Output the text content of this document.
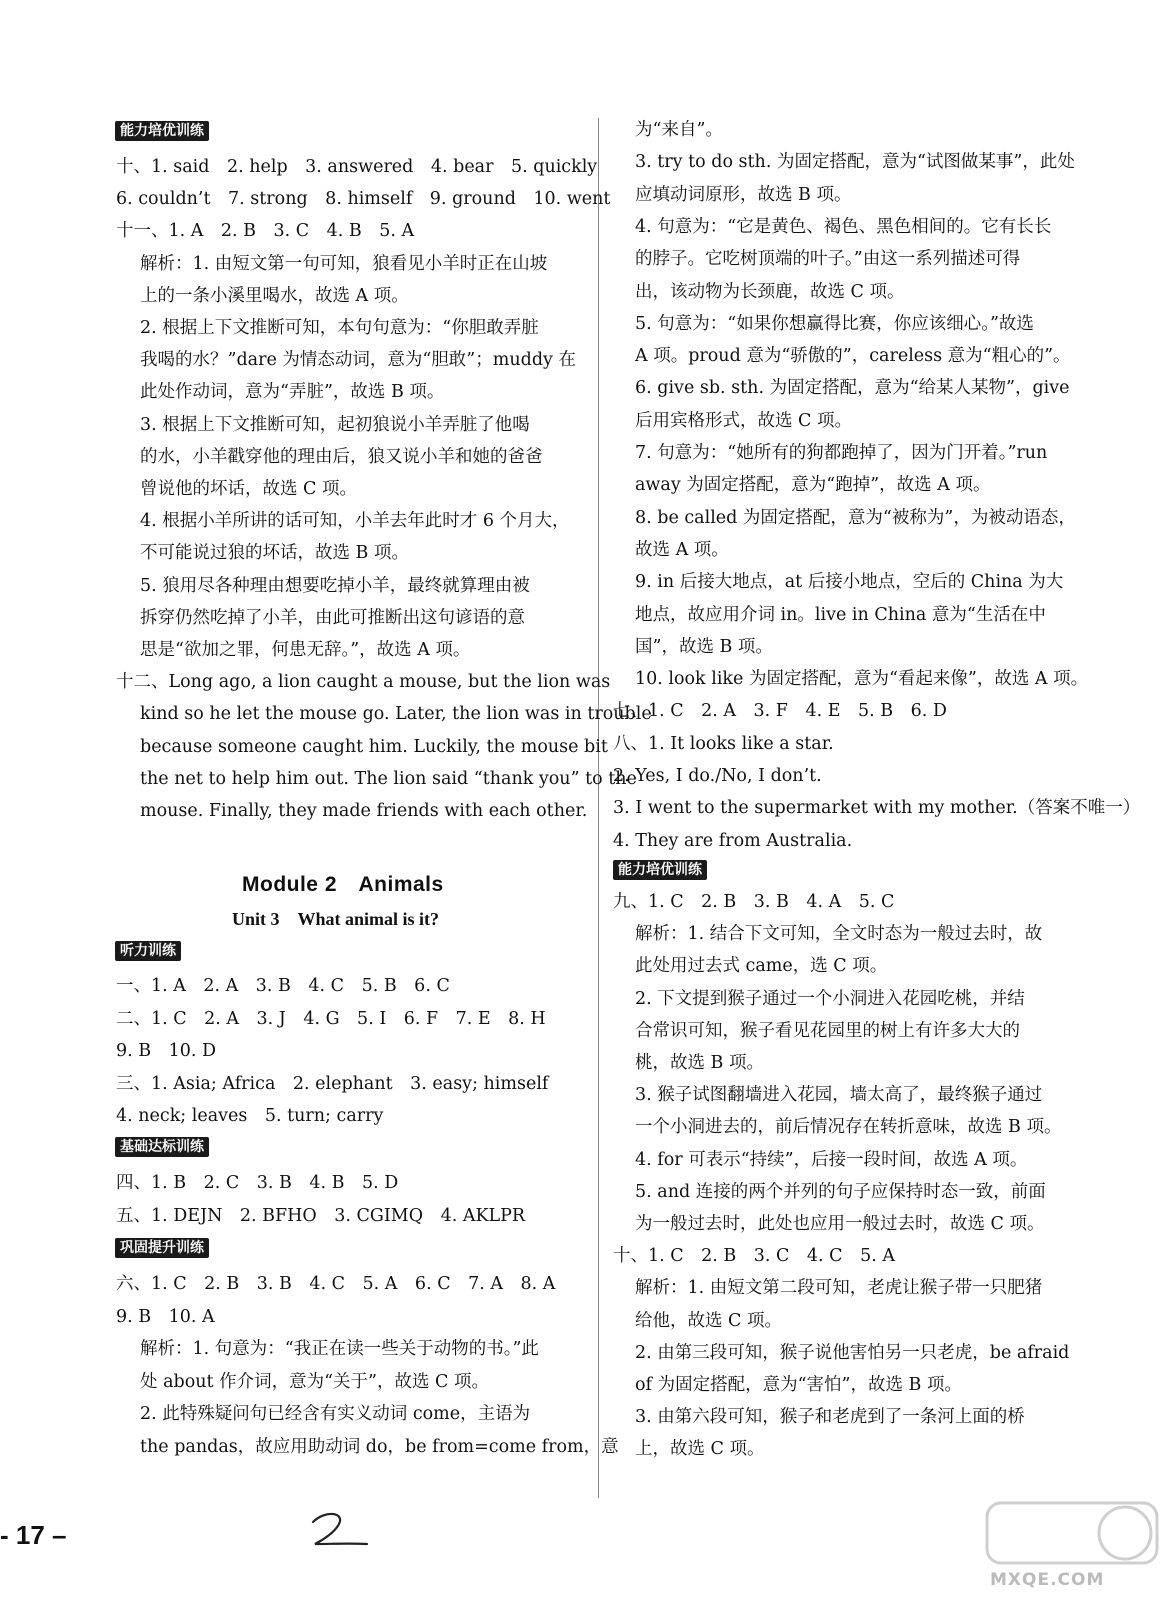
能力培优训练
十、1. said　2. help　3. answered　4. bear　5. quickly
6. couldn’t　7. strong　8. himself　9. ground　10. went
十一、1. A　2. B　3. C　4. B　5. A
解析：1. 由短文第一句可知，狼看见小羊时正在山坡
上的一条小溪里喝水，故选 A 项。
2. 根据上下文推断可知，本句句意为：“你胆敢弄脏
我喝的水？”dare 为情态动词，意为“胆敢”；muddy 在
此处作动词，意为“弄脏”，故选 B 项。
3. 根据上下文推断可知，起初狼说小羊弄脏了他喝
的水，小羊戳穿他的理由后，狼又说小羊和她的爸爸
曾说他的坏话，故选 C 项。
4. 根据小羊所讲的话可知，小羊去年此时才 6 个月大，
不可能说过狼的坏话，故选 B 项。
5. 狼用尽各种理由想要吃掉小羊，最终就算理由被
拆穿仍然吃掉了小羊，由此可推断出这句谚语的意
思是“欲加之罪，何患无辞。”，故选 A 项。
十二、Long ago, a lion caught a mouse, but the lion was
kind so he let the mouse go. Later, the lion was in trouble
because someone caught him. Luckily, the mouse bit
the net to help him out. The lion said “thank you” to the
mouse. Finally, they made friends with each other.
Module 2　Animals
Unit 3　What animal is it?
听力训练
一、1. A　2. A　3. B　4. C　5. B　6. C
二、1. C　2. A　3. J　4. G　5. I　6. F　7. E　8. H
9. B　10. D
三、1. Asia; Africa　2. elephant　3. easy; himself
4. neck; leaves　5. turn; carry
基础达标训练
四、1. B　2. C　3. B　4. B　5. D
五、1. DEJN　2. BFHO　3. CGIMQ　4. AKLPR
巩固提升训练
六、1. C　2. B　3. B　4. C　5. A　6. C　7. A　8. A
9. B　10. A
解析：1. 句意为：“我正在读一些关于动物的书。”此
处 about 作介词，意为“关于”，故选 C 项。
2. 此特殊疑问句已经含有实义动词 come，主语为
the pandas，故应用助动词 do，be from=come from，意
- 17 –
为“来自”。
3. try to do sth. 为固定搭配，意为“试图做某事”，此处
应填动词原形，故选 B 项。
4. 句意为：“它是黄色、褐色、黑色相间的。它有长长
的脖子。它吃树顶端的叶子。”由这一系列描述可得
出，该动物为长颈鹿，故选 C 项。
5. 句意为：“如果你想赢得比赛，你应该细心。”故选
A 项。proud 意为“骄傲的”，careless 意为“粗心的”。
6. give sb. sth. 为固定搭配，意为“给某人某物”，give
后用宾格形式，故选 C 项。
7. 句意为：“她所有的狗都跑掉了，因为门开着。”run
away 为固定搭配，意为“跑掉”，故选 A 项。
8. be called 为固定搭配，意为“被称为”，为被动语态，
故选 A 项。
9. in 后接大地点，at 后接小地点，空后的 China 为大
地点，故应用介词 in。live in China 意为“生活在中
国”，故选 B 项。
10. look like 为固定搭配，意为“看起来像”，故选 A 项。
七、1. C　2. A　3. F　4. E　5. B　6. D
八、1. It looks like a star.
2. Yes, I do./No, I don’t.
3. I went to the supermarket with my mother.（答案不唯一）
4. They are from Australia.
能力培优训练
九、1. C　2. B　3. B　4. A　5. C
解析：1. 结合下文可知，全文时态为一般过去时，故
此处用过去式 came，选 C 项。
2. 下文提到猴子通过一个小洞进入花园吃桃，并结
合常识可知，猴子看见花园里的树上有许多大大的
桃，故选 B 项。
3. 猴子试图翻墙进入花园，墙太高了，最终猴子通过
一个小洞进去的，前后情况存在转折意味，故选 B 项。
4. for 可表示“持续”，后接一段时间，故选 A 项。
5. and 连接的两个并列的句子应保持时态一致，前面
为一般过去时，此处也应用一般过去时，故选 C 项。
十、1. C　2. B　3. C　4. C　5. A
解析：1. 由短文第二段可知，老虎让猴子带一只肥猪
给他，故选 C 项。
2. 由第三段可知，猴子说他害怕另一只老虎，be afraid
of 为固定搭配，意为“害怕”，故选 B 项。
3. 由第六段可知，猴子和老虎到了一条河上面的桥
上，故选 C 项。
MXQE.COM
